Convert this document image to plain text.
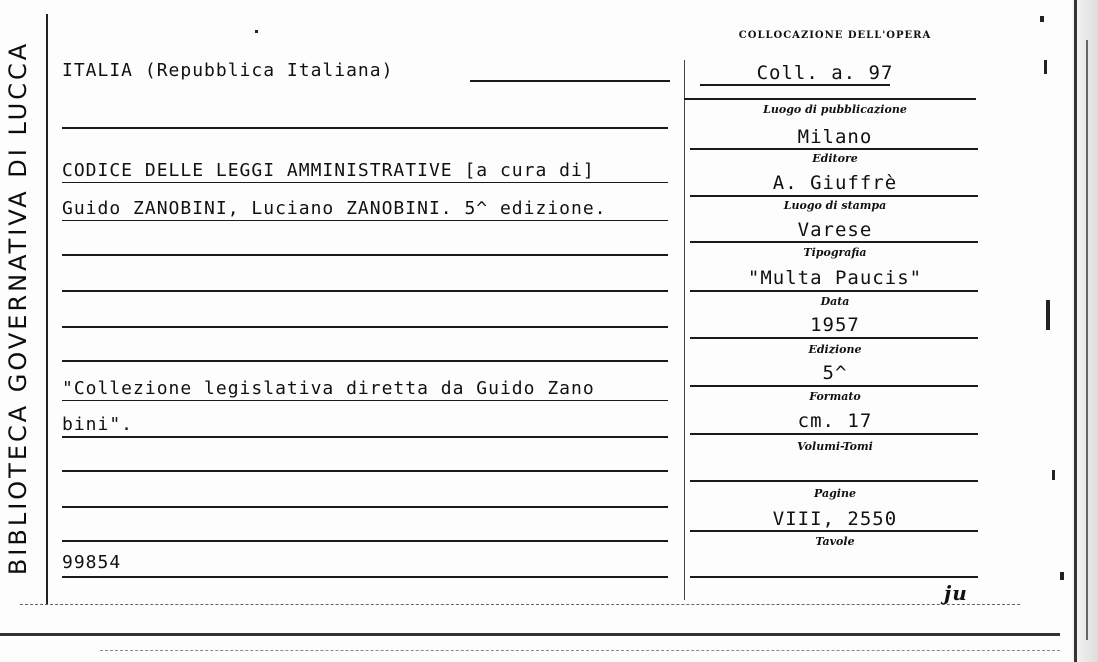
BIBLIOTECA GOVERNATIVA DI LUCCA ITALIA (Repubblica Italiana)
CODICE DELLE LEGGI AMMINISTRATIVE [a cura di]
Guido ZANOBINI, Luciano ZANOBINI. 5^ edizione.
"Collezione legislativa diretta da Guido Zano
bini".
99854
COLLOCAZIONE DELL'OPERA
Coll. a. 97
Luogo di pubblicazione
Milano
Editore
A. Giuffrè
Luogo di stampa
Varese
Tipografia
"Multa Paucis"
Data
1957
Edizione
5^
Formato
cm. 17
Volumi-Tomi
Pagine
VIII, 2550
Tavole
ju
